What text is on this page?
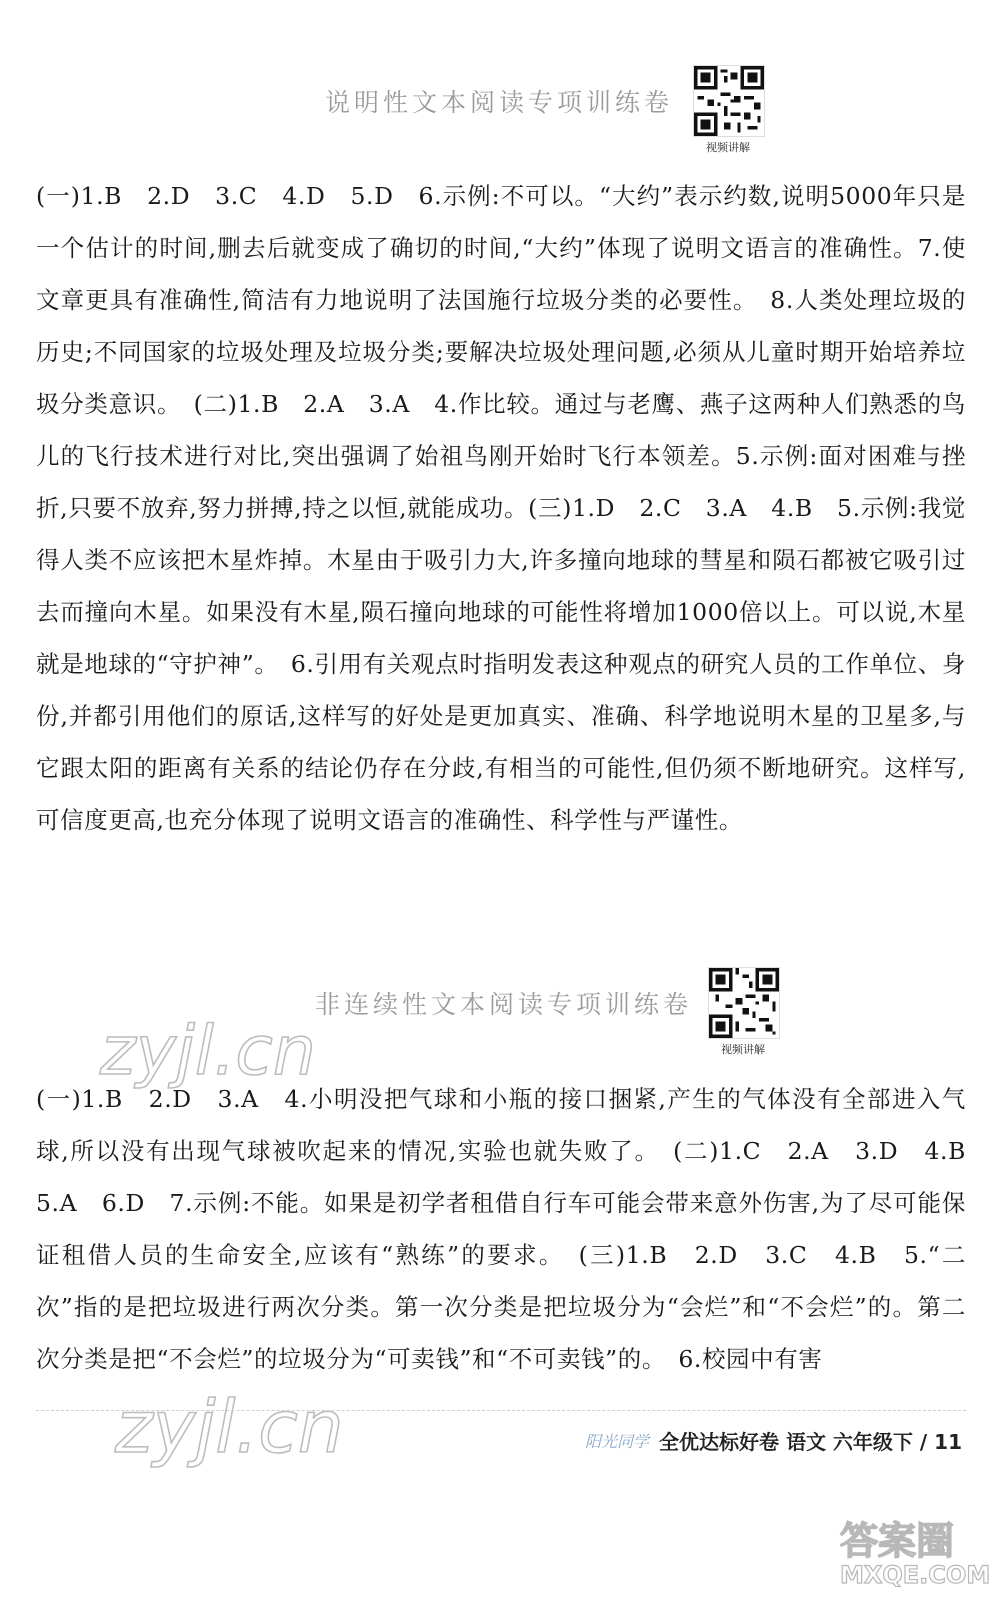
说明性文本阅读专项训练卷
视频讲解
(一)1.B　2.D　3.C　4.D　5.D　6.示例:不可以。“大约”表示约数,说明5000年只是一个估计的时间,删去后就变成了确切的时间,“大约”体现了说明文语言的准确性。7.使文章更具有准确性,简洁有力地说明了法国施行垃圾分类的必要性。　8.人类处理垃圾的历史;不同国家的垃圾处理及垃圾分类;要解决垃圾处理问题,必须从儿童时期开始培养垃圾分类意识。　(二)1.B　2.A　3.A　4.作比较。通过与老鹰、燕子这两种人们熟悉的鸟儿的飞行技术进行对比,突出强调了始祖鸟刚开始时飞行本领差。5.示例:面对困难与挫折,只要不放弃,努力拼搏,持之以恒,就能成功。(三)1.D　2.C　3.A　4.B　5.示例:我觉得人类不应该把木星炸掉。木星由于吸引力大,许多撞向地球的彗星和陨石都被它吸引过去而撞向木星。如果没有木星,陨石撞向地球的可能性将增加1000倍以上。可以说,木星就是地球的“守护神”。　6.引用有关观点时指明发表这种观点的研究人员的工作单位、身份,并都引用他们的原话,这样写的好处是更加真实、准确、科学地说明木星的卫星多,与它跟太阳的距离有关系的结论仍存在分歧,有相当的可能性,但仍须不断地研究。这样写,可信度更高,也充分体现了说明文语言的准确性、科学性与严谨性。
非连续性文本阅读专项训练卷
视频讲解
zyjl.cn
(一)1.B　2.D　3.A　4.小明没把气球和小瓶的接口捆紧,产生的气体没有全部进入气球,所以没有出现气球被吹起来的情况,实验也就失败了。　(二)1.C　2.A　3.D　4.B　5.A　6.D　7.示例:不能。如果是初学者租借自行车可能会带来意外伤害,为了尽可能保证租借人员的生命安全,应该有“熟练”的要求。　(三)1.B　2.D　3.C　4.B　5.“二次”指的是把垃圾进行两次分类。第一次分类是把垃圾分为“会烂”和“不会烂”的。第二次分类是把“不会烂”的垃圾分为“可卖钱”和“不可卖钱”的。　6.校园中有害
zyjl.cn	阳光同学 全优达标好卷 语文 六年级下 / 11
答案圈
MXQE.COM
